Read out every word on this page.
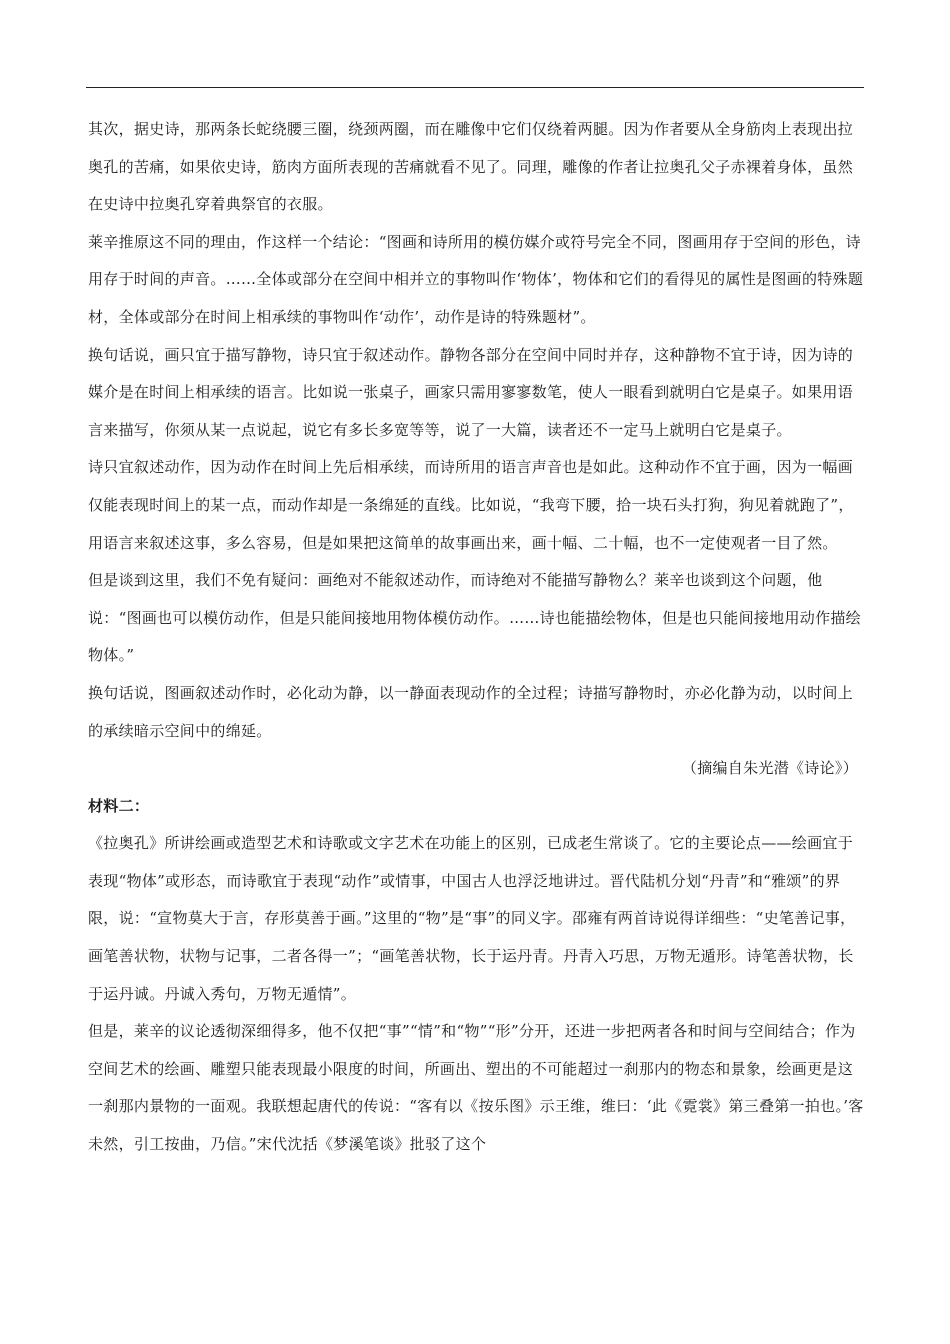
其次，据史诗，那两条长蛇绕腰三圈，绕颈两圈，而在雕像中它们仅绕着两腿。因为作者要从全身筋肉上表现出拉奥孔的苦痛，如果依史诗，筋肉方面所表现的苦痛就看不见了。同理，雕像的作者让拉奥孔父子赤裸着身体，虽然在史诗中拉奥孔穿着典祭官的衣服。

莱辛推原这不同的理由，作这样一个结论：“图画和诗所用的模仿媒介或符号完全不同，图画用存于空间的形色，诗用存于时间的声音。……全体或部分在空间中相并立的事物叫作‘物体’，物体和它们的看得见的属性是图画的特殊题材，全体或部分在时间上相承续的事物叫作‘动作’，动作是诗的特殊题材”。

换句话说，画只宜于描写静物，诗只宜于叙述动作。静物各部分在空间中同时并存，这种静物不宜于诗，因为诗的媒介是在时间上相承续的语言。比如说一张桌子，画家只需用寥寥数笔，使人一眼看到就明白它是桌子。如果用语言来描写，你须从某一点说起，说它有多长多宽等等，说了一大篇，读者还不一定马上就明白它是桌子。

诗只宜叙述动作，因为动作在时间上先后相承续，而诗所用的语言声音也是如此。这种动作不宜于画，因为一幅画仅能表现时间上的某一点，而动作却是一条绵延的直线。比如说，“我弯下腰，拾一块石头打狗，狗见着就跑了”，用语言来叙述这事，多么容易，但是如果把这简单的故事画出来，画十幅、二十幅，也不一定使观者一目了然。

但是谈到这里，我们不免有疑问：画绝对不能叙述动作，而诗绝对不能描写静物么？莱辛也谈到这个问题，他说：“图画也可以模仿动作，但是只能间接地用物体模仿动作。……诗也能描绘物体，但是也只能间接地用动作描绘物体。”

换句话说，图画叙述动作时，必化动为静，以一静面表现动作的全过程；诗描写静物时，亦必化静为动，以时间上的承续暗示空间中的绵延。

（摘编自朱光潜《诗论》）

材料二：

《拉奥孔》所讲绘画或造型艺术和诗歌或文字艺术在功能上的区别，已成老生常谈了。它的主要论点——绘画宜于表现“物体”或形态，而诗歌宜于表现“动作”或情事，中国古人也浮泛地讲过。晋代陆机分划“丹青”和“雅颂”的界限，说：“宣物莫大于言，存形莫善于画。”这里的“物”是“事”的同义字。邵雍有两首诗说得详细些：“史笔善记事，画笔善状物，状物与记事，二者各得一”；“画笔善状物，长于运丹青。丹青入巧思，万物无遁形。诗笔善状物，长于运丹诚。丹诚入秀句，万物无遁情”。

但是，莱辛的议论透彻深细得多，他不仅把“事”“情”和“物”“形”分开，还进一步把两者各和时间与空间结合；作为空间艺术的绘画、雕塑只能表现最小限度的时间，所画出、塑出的不可能超过一刹那内的物态和景象，绘画更是这一刹那内景物的一面观。我联想起唐代的传说：“客有以《按乐图》示王维，维曰：‘此《霓裳》第三叠第一拍也。’客未然，引工按曲，乃信。”宋代沈括《梦溪笔谈》批驳了这个
